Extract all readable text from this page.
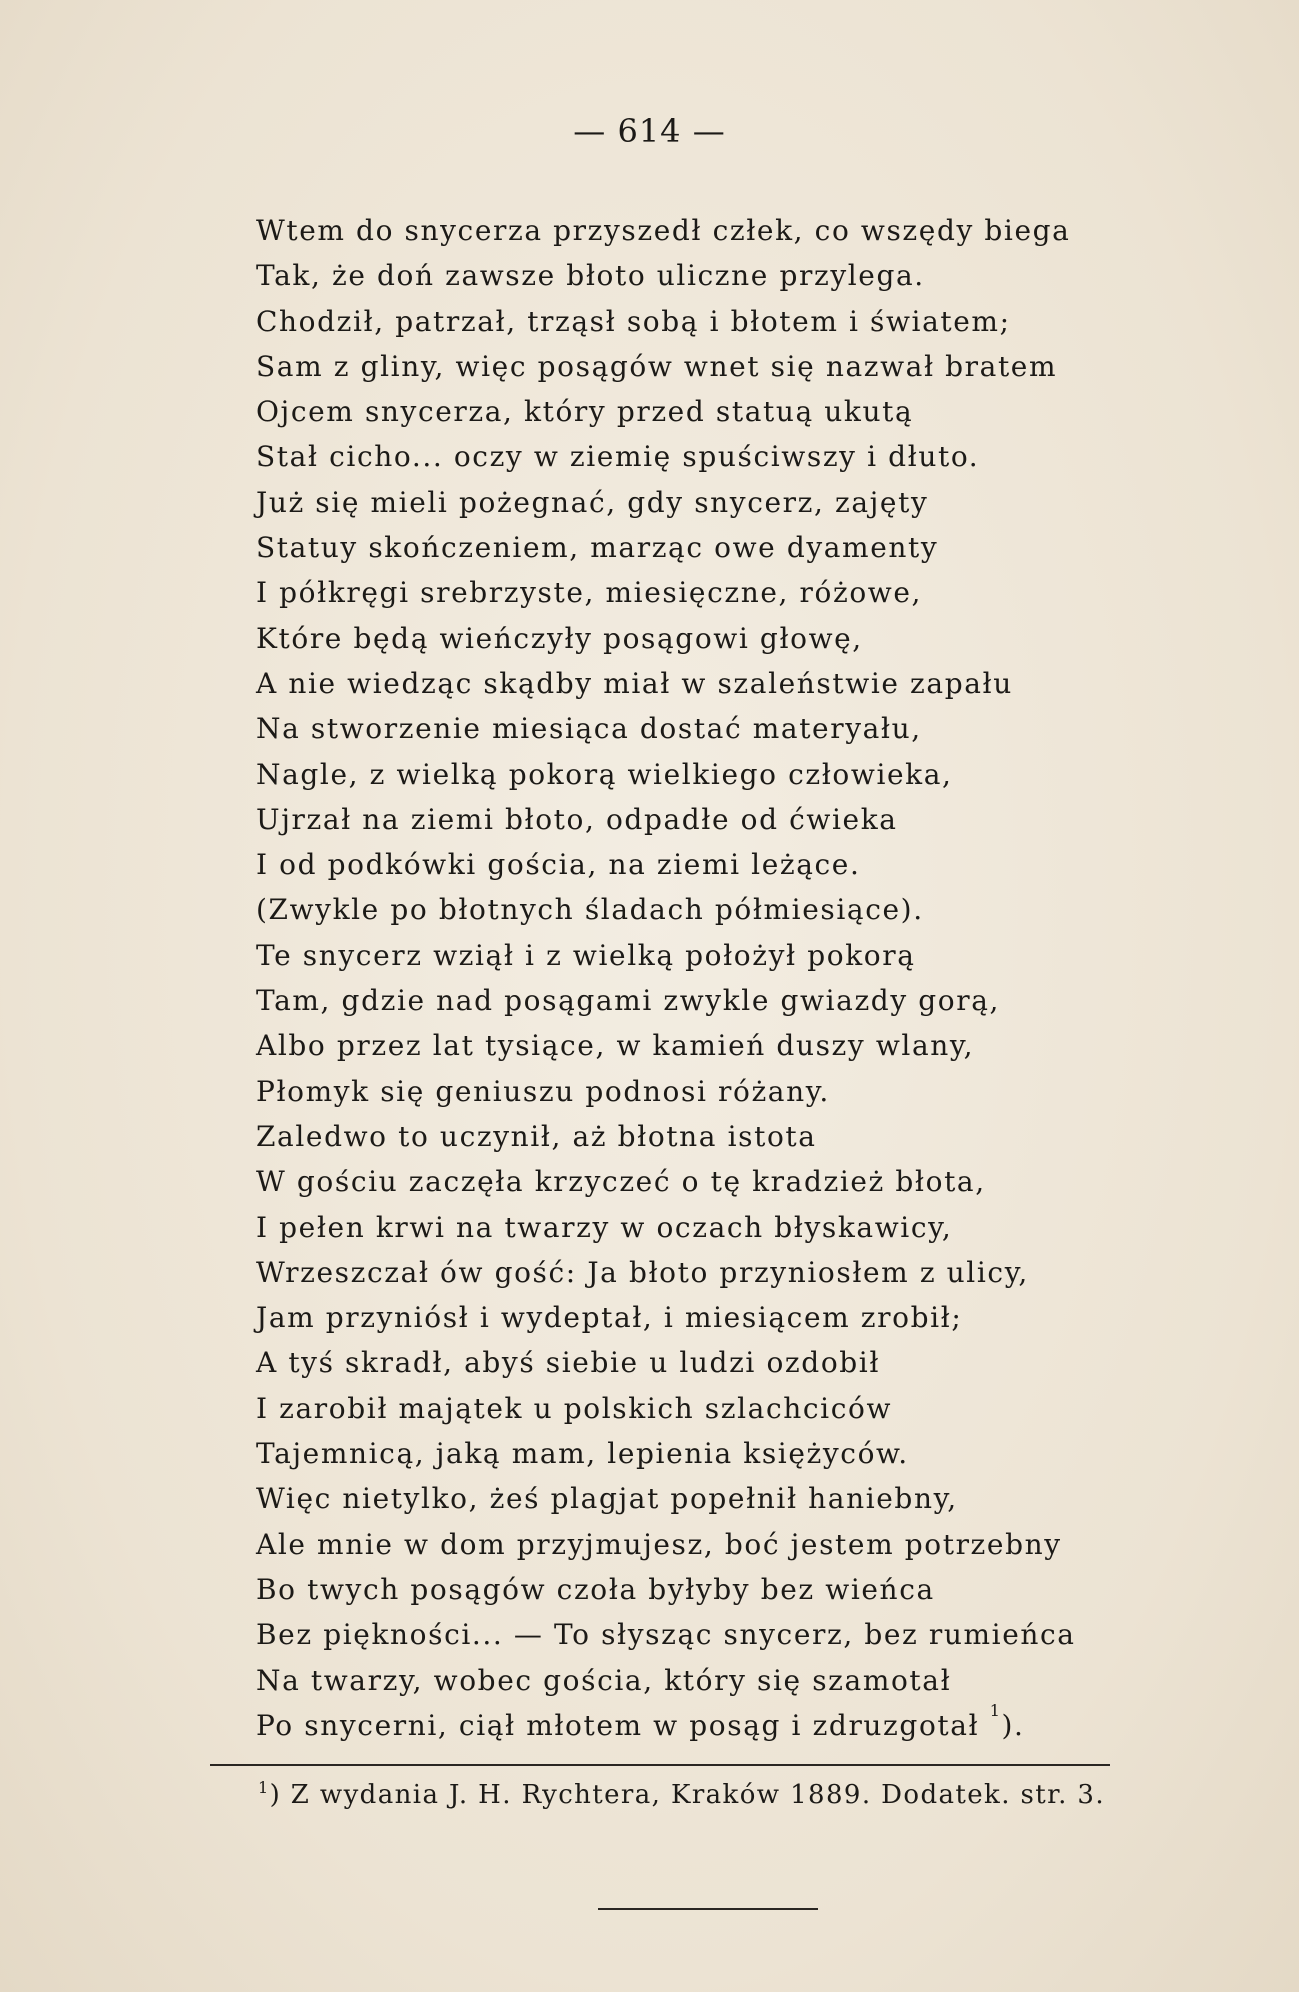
— 614 —
Wtem do snycerza przyszedł człek, co wszędy biega
Tak, że doń zawsze błoto uliczne przylega.
Chodził, patrzał, trząsł sobą i błotem i światem;
Sam z gliny, więc posągów wnet się nazwał bratem
Ojcem snycerza, który przed statuą ukutą
Stał cicho... oczy w ziemię spuściwszy i dłuto.
Już się mieli pożegnać, gdy snycerz, zajęty
Statuy skończeniem, marząc owe dyamenty
I półkręgi srebrzyste, miesięczne, różowe,
Które będą wieńczyły posągowi głowę,
A nie wiedząc skądby miał w szaleństwie zapału
Na stworzenie miesiąca dostać materyału,
Nagle, z wielką pokorą wielkiego człowieka,
Ujrzał na ziemi błoto, odpadłe od ćwieka
I od podkówki gościa, na ziemi leżące.
(Zwykle po błotnych śladach półmiesiące).
Te snycerz wziął i z wielką położył pokorą
Tam, gdzie nad posągami zwykle gwiazdy gorą,
Albo przez lat tysiące, w kamień duszy wlany,
Płomyk się geniuszu podnosi różany.
Zaledwo to uczynił, aż błotna istota
W gościu zaczęła krzyczeć o tę kradzież błota,
I pełen krwi na twarzy w oczach błyskawicy,
Wrzeszczał ów gość: Ja błoto przyniosłem z ulicy,
Jam przyniósł i wydeptał, i miesiącem zrobił;
A tyś skradł, abyś siebie u ludzi ozdobił
I zarobił majątek u polskich szlachciców
Tajemnicą, jaką mam, lepienia księżyców.
Więc nietylko, żeś plagjat popełnił haniebny,
Ale mnie w dom przyjmujesz, boć jestem potrzebny
Bo twych posągów czoła byłyby bez wieńca
Bez piękności... — To słysząc snycerz, bez rumieńca
Na twarzy, wobec gościa, który się szamotał
Po snycerni, ciął młotem w posąg i zdruzgotał $^1$).
$^1$) Z wydania J. H. Rychtera, Kraków 1889. Dodatek. str. 3.
